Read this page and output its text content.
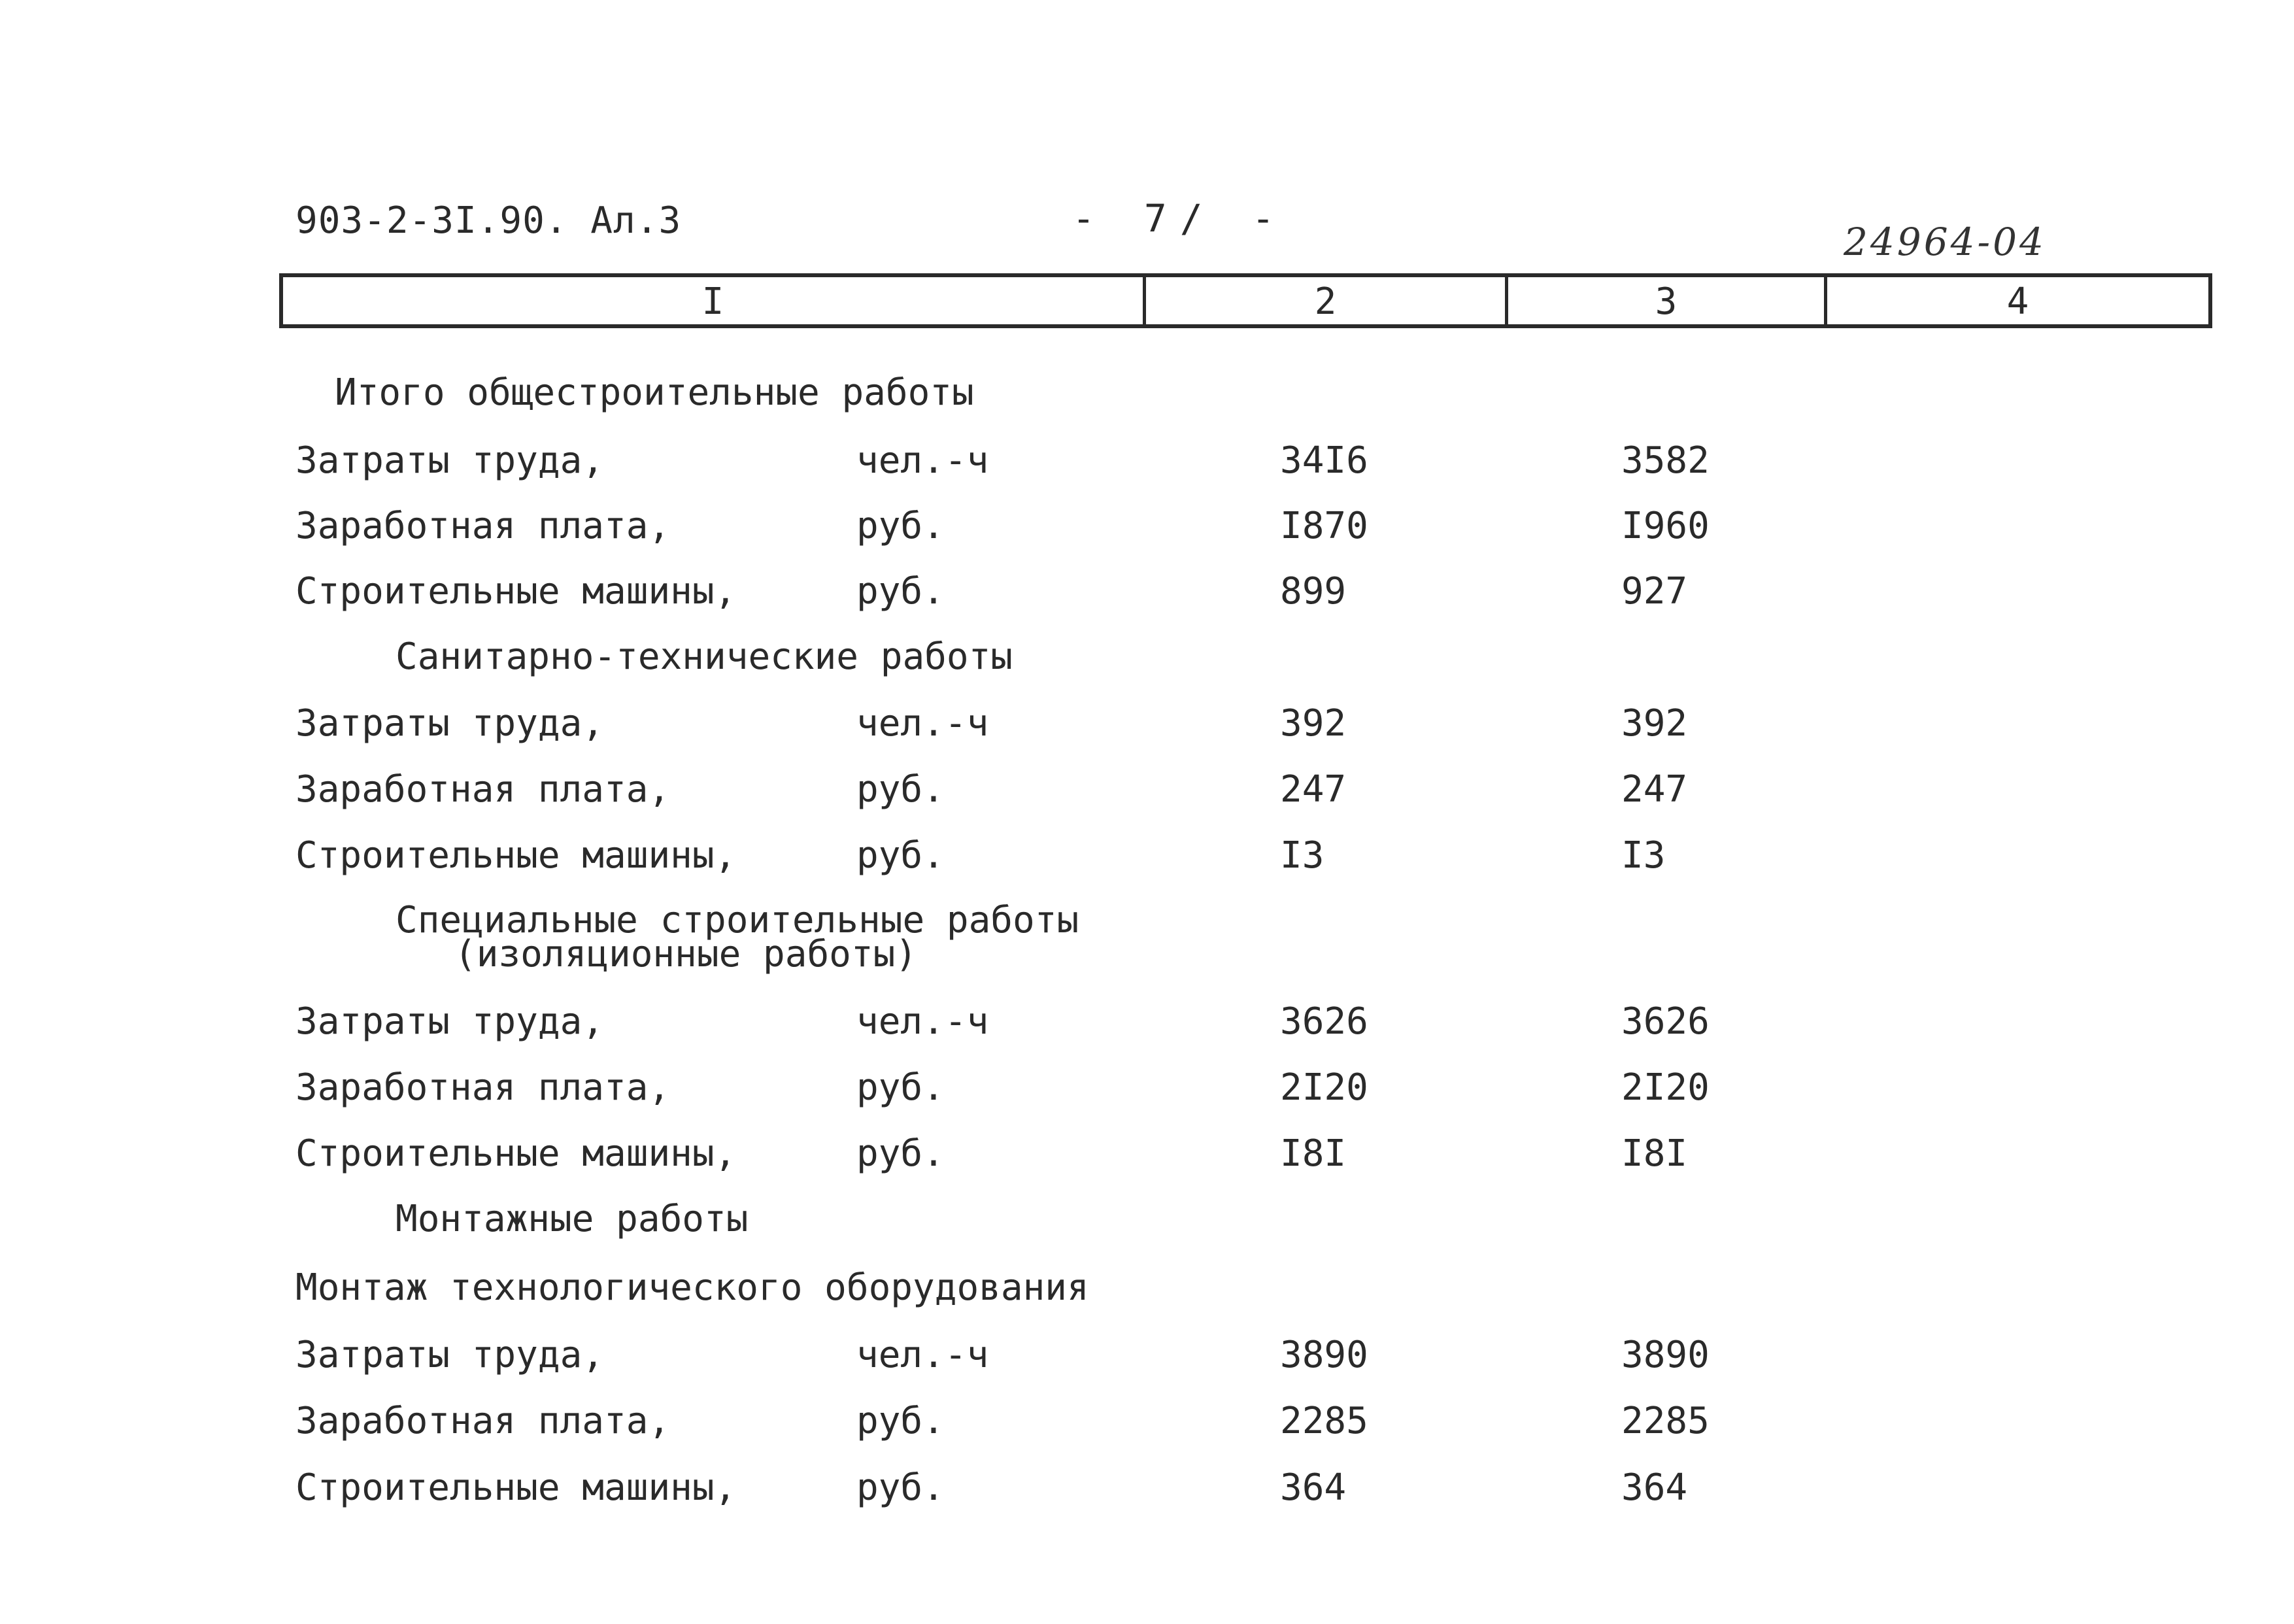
903-2-3I.90. Ал.3	- 7/ -
24964-04
I	2	3	4
Итого общестроительные работы
Затраты труда,	чел.-ч	34I6	3582
Заработная плата,	руб.	I870	I960
Строительные машины,	руб.	899	927
Санитарно-технические работы
Затраты труда,	чел.-ч	392	392
Заработная плата,	руб.	247	247
Строительные машины,	руб.	I3	I3
Специальные строительные работы
(изоляционные работы)
Затраты труда,	чел.-ч	3626	3626
Заработная плата,	руб.	2I20	2I20
Строительные машины,	руб.	I8I	I8I
Монтажные работы
Монтаж технологического оборудования
Затраты труда,	чел.-ч	3890	3890
Заработная плата,	руб.	2285	2285
Строительные машины,	руб.	364	364
